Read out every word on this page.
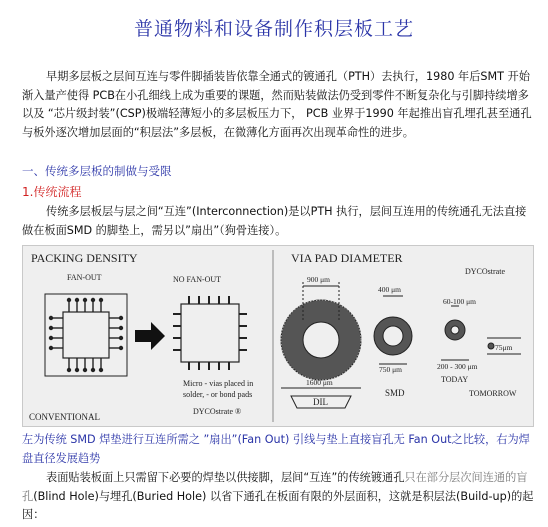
普通物料和设备制作积层板工艺
早期多层板之层间互连与零件脚插装皆依靠全通式的镀通孔（PTH）去执行，1980 年后SMT 开始渐入量产使得 PCB在小孔细线上成为重要的课题，然而贴装做法仍受到零件不断复杂化与引脚持续增多以及 “芯片级封装”(CSP)极端轻薄短小的多层板压力下， PCB 业界于1990 年起推出盲孔埋孔甚至通孔与板外逐次增加层面的“积层法”多层板，在微薄化方面再次出现革命性的进步。
一、传统多层板的制做与受限
1.传统流程
传统多层板层与层之间“互连”(Interconnection)是以PTH 执行，层间互连用的传统通孔无法直接做在板面SMD 的脚垫上，需另以”扇出”（狗骨连接）。
PACKING DENSITY
FAN-OUT	NO FAN-OUT
Micro - vias placed in
solder, - or bond pads
CONVENTIONAL
DYCOstrate ®
VIA PAD DIAMETER
900 μm
1600 μm
DIL
400 μm
750 μm
SMD
DYCOstrate
60-100 μm
200 - 300 μm
TODAY
75μm
TOMORROW
左为传统 SMD 焊垫进行互连所需之 ”扇出”(Fan Out) 引线与垫上直接盲孔无 Fan Out之比较，右为焊盘直径发展趋势
表面贴装板面上只需留下必要的焊垫以供接脚，层间“互连”的传统镀通孔只在部分层次间连通的盲孔(Blind Hole)与埋孔(Buried Hole) 以省下通孔在板面有限的外层面积，这就是积层法(Build-up)的起因：
